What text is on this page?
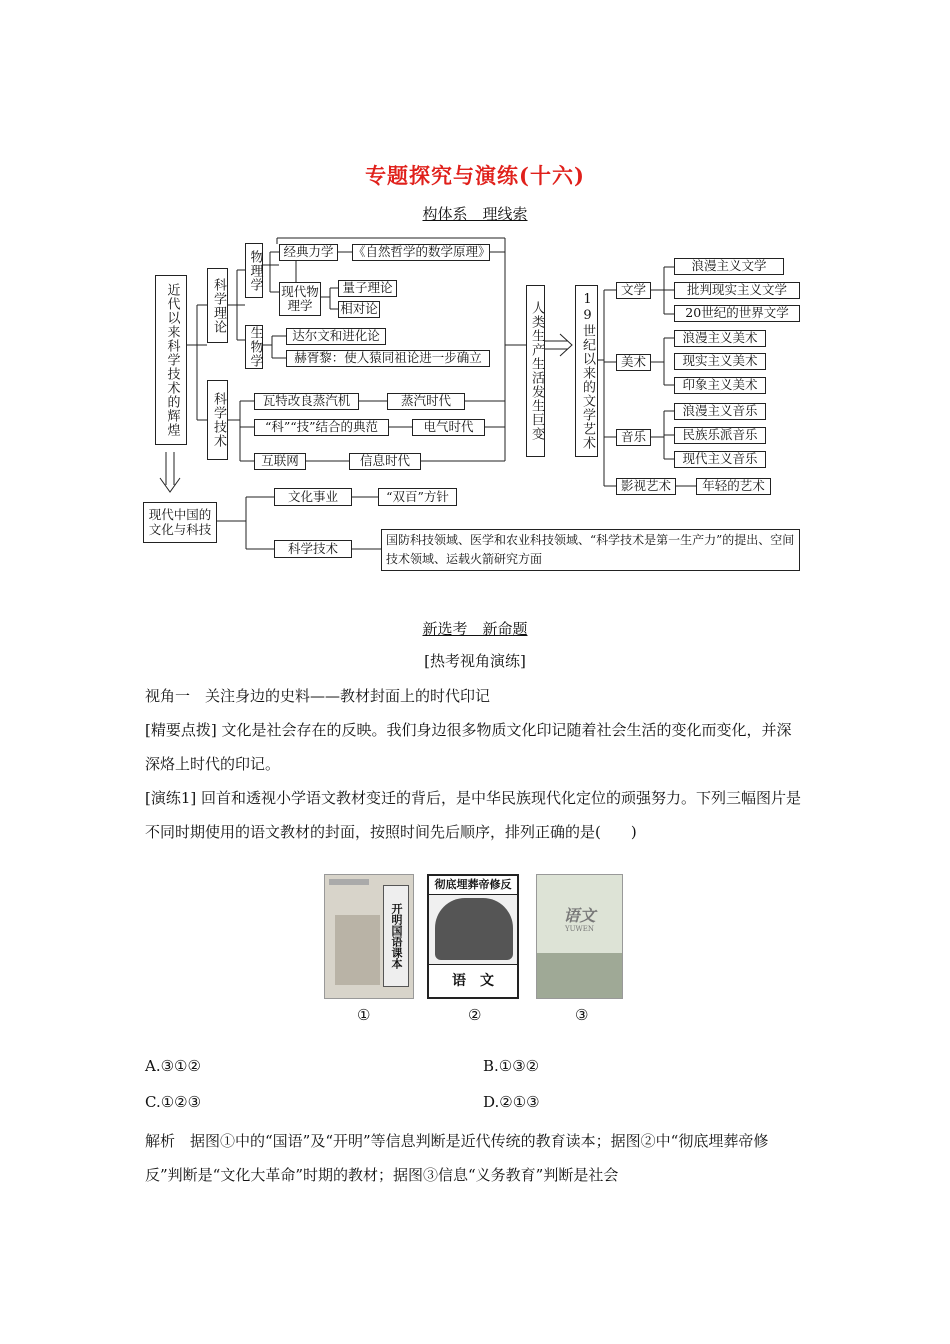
专题探究与演练(十六)
构体系　理线索
近代以来科学技术的辉煌	科学理论
物理学	经典力学	《自然哲学的数学原理》
现代物理学
量子理论
相对论
生物学	达尔文和进化论
赫胥黎：使人猿同祖论进一步确立
科学技术	瓦特改良蒸汽机	蒸汽时代
“科”“技”结合的典范	电气时代
互联网	信息时代
人类生产生活发生巨变	19世纪以来的文学艺术
文学
浪漫主义文学
批判现实主义文学
20世纪的世界文学
美术
浪漫主义美术
现实主义美术
印象主义美术
音乐
浪漫主义音乐
民族乐派音乐
现代主义音乐
影视艺术	年轻的艺术
现代中国的文化与科技
文化事业	“双百”方针
科学技术
国防科技领域、医学和农业科技领域、“科学技术是第一生产力”的提出、空间技术领域、运载火箭研究方面
新选考　新命题
[热考视角演练]

视角一　关注身边的史料——教材封面上的时代印记

[精要点拨] 文化是社会存在的反映。我们身边很多物质文化印记随着社会生活的变化而变化，并深深烙上时代的印记。

[演练1] 回首和透视小学语文教材变迁的背后，是中华民族现代化定位的顽强努力。下列三幅图片是不同时期使用的语文教材的封面，按照时间先后顺序，排列正确的是(　　)

开明国语课本
彻底埋葬帝修反
语　文
语文
YUWEN
①	②	③
A.③①②	B.①③②
C.①②③	D.②①③

解析　据图①中的“国语”及“开明”等信息判断是近代传统的教育读本；据图②中“彻底埋葬帝修反”判断是“文化大革命”时期的教材；据图③信息“义务教育”判断是社会
